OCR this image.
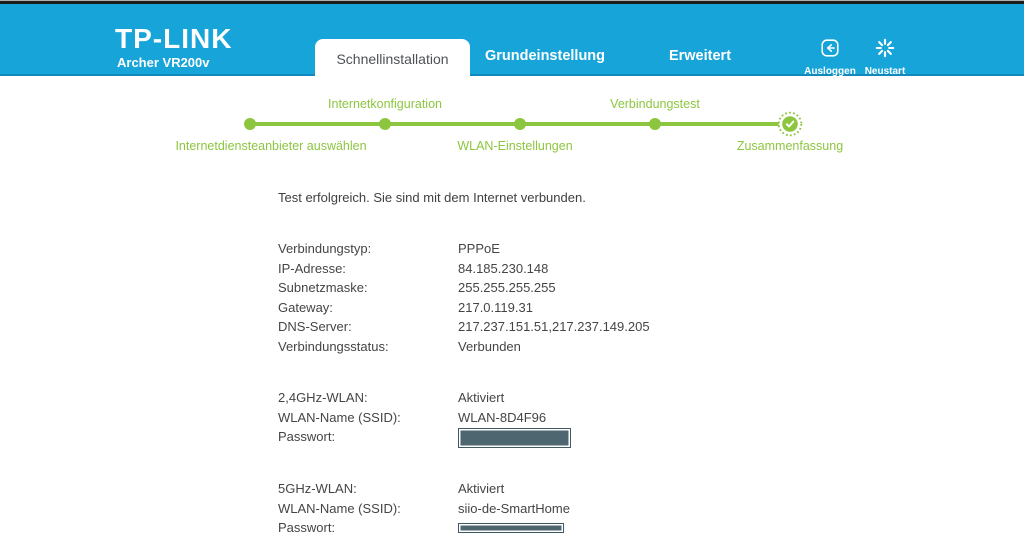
TP-LINK
Archer VR200v	Grundeinstellung	Erweitert
Ausloggen Neustart
Schnellinstallation
Internetdiensteanbieter auswählen
Internetkonfiguration
WLAN-Einstellungen
Verbindungstest
Zusammenfassung
Test erfolgreich. Sie sind mit dem Internet verbunden.
Verbindungstyp:	PPPoE
IP-Adresse:	84.185.230.148
Subnetzmaske:	255.255.255.255
Gateway:	217.0.119.31
DNS-Server:	217.237.151.51,217.237.149.205
Verbindungsstatus:	Verbunden
2,4GHz-WLAN:	Aktiviert
WLAN-Name (SSID):	WLAN-8D4F96
Passwort:
5GHz-WLAN:	Aktiviert
WLAN-Name (SSID):	siio-de-SmartHome
Passwort:
